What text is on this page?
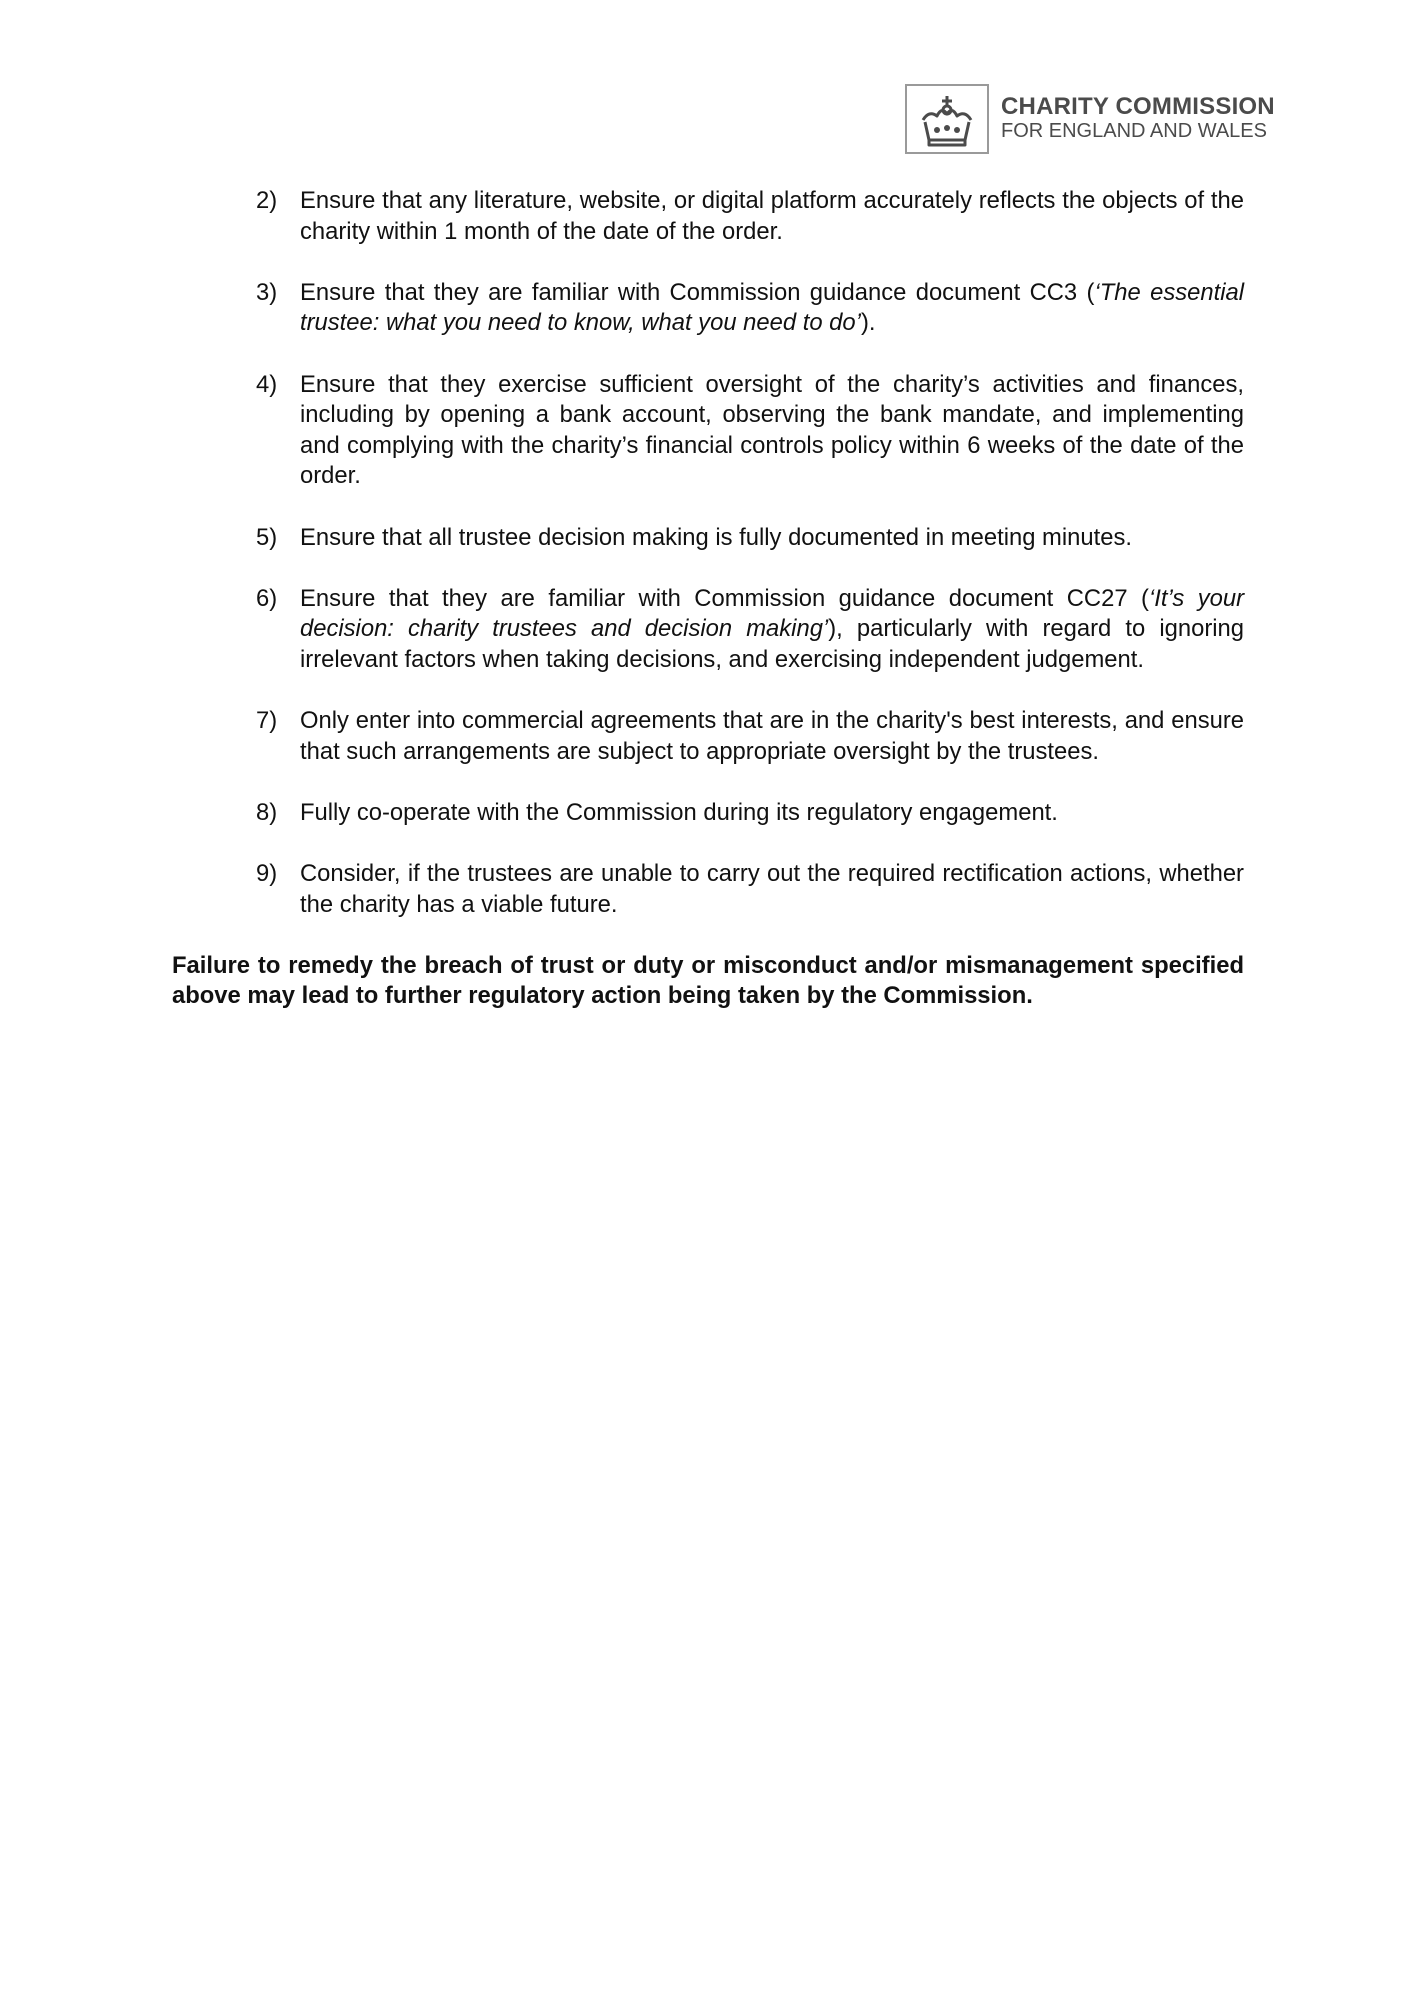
CHARITY COMMISSION
FOR ENGLAND AND WALES
2) Ensure that any literature, website, or digital platform accurately reflects the objects of the charity within 1 month of the date of the order.
3) Ensure that they are familiar with Commission guidance document CC3 (‘The essential trustee: what you need to know, what you need to do’).
4) Ensure that they exercise sufficient oversight of the charity’s activities and finances, including by opening a bank account, observing the bank mandate, and implementing and complying with the charity’s financial controls policy within 6 weeks of the date of the order.
5) Ensure that all trustee decision making is fully documented in meeting minutes.
6) Ensure that they are familiar with Commission guidance document CC27 (‘It’s your decision: charity trustees and decision making’), particularly with regard to ignoring irrelevant factors when taking decisions, and exercising independent judgement.
7) Only enter into commercial agreements that are in the charity's best interests, and ensure that such arrangements are subject to appropriate oversight by the trustees.
8) Fully co-operate with the Commission during its regulatory engagement.
9) Consider, if the trustees are unable to carry out the required rectification actions, whether the charity has a viable future.

Failure to remedy the breach of trust or duty or misconduct and/or mismanagement specified above may lead to further regulatory action being taken by the Commission.
